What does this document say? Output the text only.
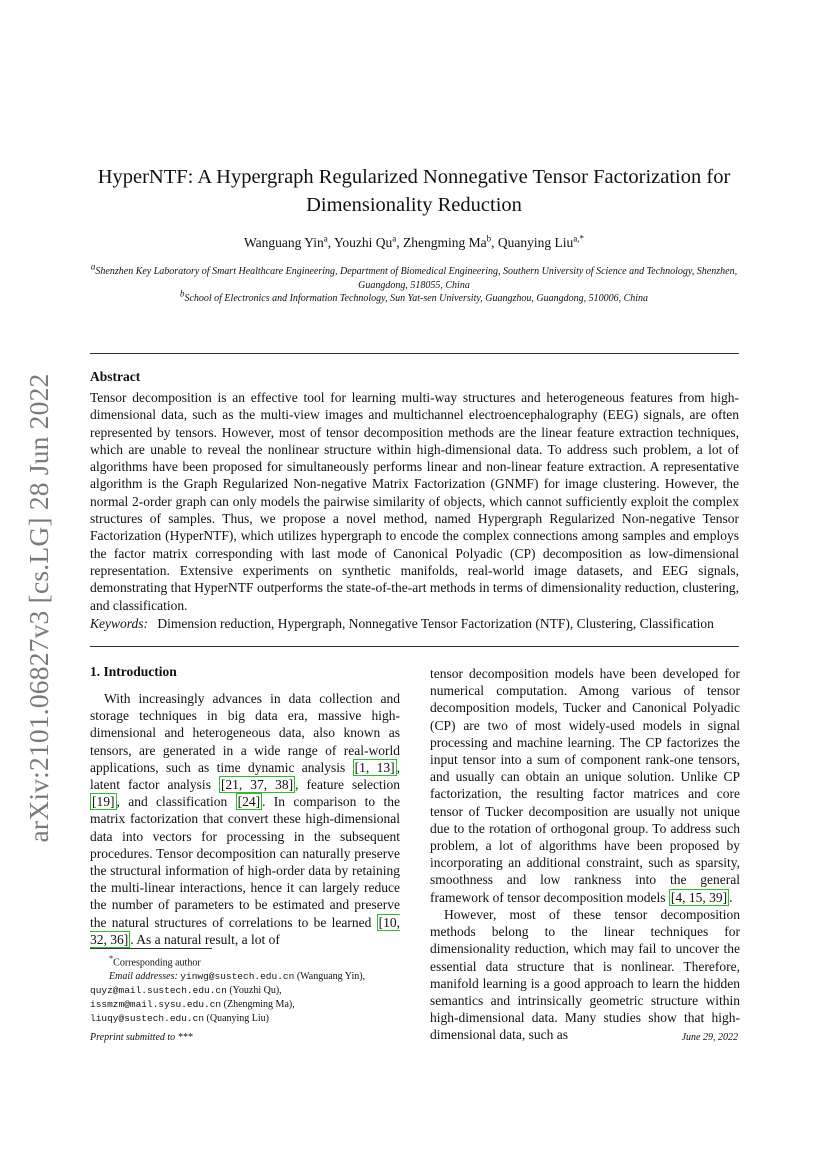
arXiv:2101.06827v3 [cs.LG] 28 Jun 2022
HyperNTF: A Hypergraph Regularized Nonnegative Tensor Factorization for Dimensionality Reduction
Wanguang Yin$^a$, Youzhi Qu$^a$, Zhengming Ma$^b$, Quanying Liu$^{a,*}$
$^a$Shenzhen Key Laboratory of Smart Healthcare Engineering, Department of Biomedical Engineering, Southern University of Science and Technology, Shenzhen, Guangdong, 518055, China
$^b$School of Electronics and Information Technology, Sun Yat-sen University, Guangzhou, Guangdong, 510006, China
Abstract
Tensor decomposition is an effective tool for learning multi-way structures and heterogeneous features from high-dimensional data, such as the multi-view images and multichannel electroencephalography (EEG) signals, are often represented by tensors. However, most of tensor decomposition methods are the linear feature extraction techniques, which are unable to reveal the nonlinear structure within high-dimensional data. To address such problem, a lot of algorithms have been proposed for simultaneously performs linear and non-linear feature extraction. A representative algorithm is the Graph Regularized Non-negative Matrix Factorization (GNMF) for image clustering. However, the normal 2-order graph can only models the pairwise similarity of objects, which cannot sufficiently exploit the complex structures of samples. Thus, we propose a novel method, named Hypergraph Regularized Non-negative Tensor Factorization (HyperNTF), which utilizes hypergraph to encode the complex connections among samples and employs the factor matrix corresponding with last mode of Canonical Polyadic (CP) decomposition as low-dimensional representation. Extensive experiments on synthetic manifolds, real-world image datasets, and EEG signals, demonstrating that HyperNTF outperforms the state-of-the-art methods in terms of dimensionality reduction, clustering, and classification.
Keywords: Dimension reduction, Hypergraph, Nonnegative Tensor Factorization (NTF), Clustering, Classification
1. Introduction
With increasingly advances in data collection and storage techniques in big data era, massive high-dimensional and heterogeneous data, also known as tensors, are generated in a wide range of real-world applications, such as time dynamic analysis [1, 13] , latent factor analysis [21, 37, 38] , feature selection [19] , and classification [24] . In comparison to the matrix factorization that convert these high-dimensional data into vectors for processing in the subsequent procedures. Tensor decomposition can naturally preserve the structural information of high-order data by retaining the multi-linear interactions, hence it can largely reduce the number of parameters to be estimated and preserve the natural structures of correlations to be learned [10, 32, 36] . As a natural result, a lot of
tensor decomposition models have been developed for numerical computation. Among various of tensor decomposition models, Tucker and Canonical Polyadic (CP) are two of most widely-used models in signal processing and machine learning. The CP factorizes the input tensor into a sum of component rank-one tensors, and usually can obtain an unique solution. Unlike CP factorization, the resulting factor matrices and core tensor of Tucker decomposition are usually not unique due to the rotation of orthogonal group. To address such problem, a lot of algorithms have been proposed by incorporating an additional constraint, such as sparsity, smoothness and low rankness into the general framework of tensor decomposition models [4, 15, 39] .
However, most of these tensor decomposition methods belong to the linear techniques for dimensionality reduction, which may fail to uncover the essential data structure that is nonlinear. Therefore, manifold learning is a good approach to learn the hidden semantics and intrinsically geometric structure within high-dimensional data. Many studies show that high-dimensional data, such as
*Corresponding author
Email addresses: yinwg@sustech.edu.cn (Wanguang Yin),
quyz@mail.sustech.edu.cn (Youzhi Qu),
issmzm@mail.sysu.edu.cn (Zhengming Ma),
liuqy@sustech.edu.cn (Quanying Liu)
Preprint submitted to ***	June 29, 2022
